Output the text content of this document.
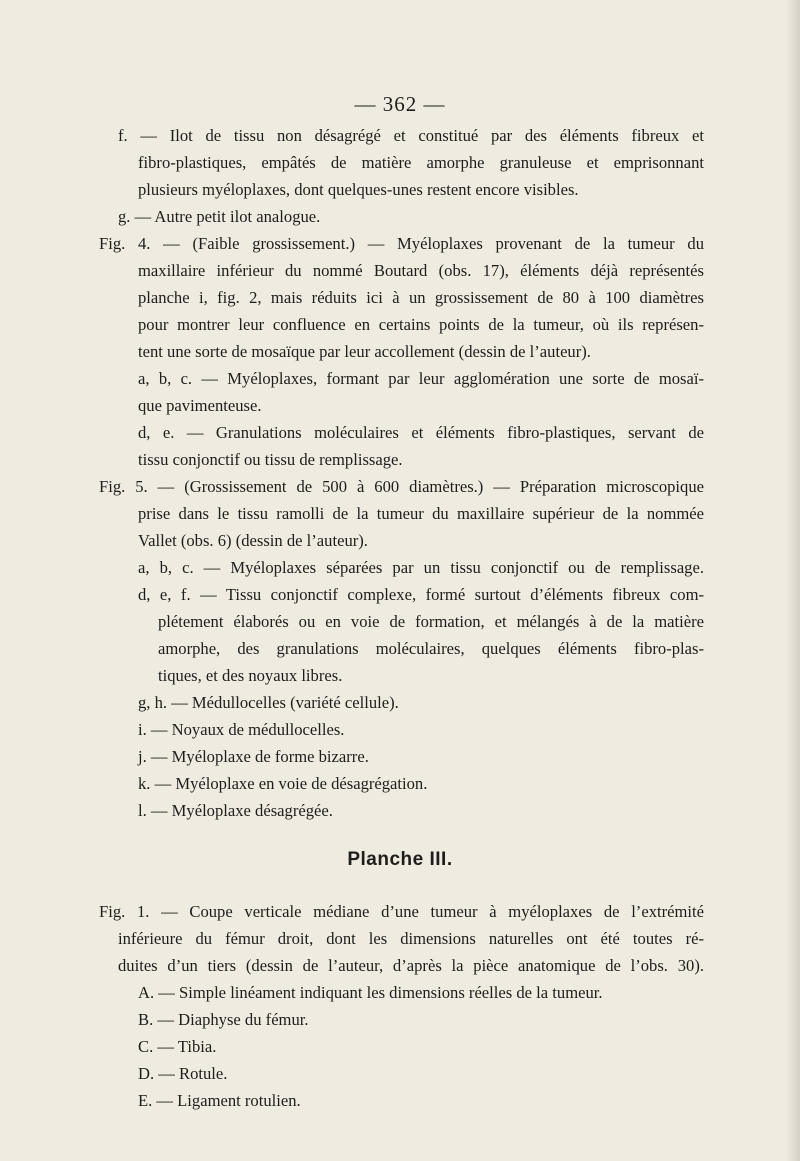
— 362 —
f. — Ilot de tissu non désagrégé et constitué par des éléments fibreux et
fibro-plastiques, empâtés de matière amorphe granuleuse et emprisonnant
plusieurs myéloplaxes, dont quelques-unes restent encore visibles.
g. — Autre petit ilot analogue.
Fig. 4. — (Faible grossissement.) — Myéloplaxes provenant de la tumeur du
maxillaire inférieur du nommé Boutard (obs. 17), éléments déjà représentés
planche i, fig. 2, mais réduits ici à un grossissement de 80 à 100 diamètres
pour montrer leur confluence en certains points de la tumeur, où ils représen-
tent une sorte de mosaïque par leur accollement (dessin de l’auteur).
a, b, c. — Myéloplaxes, formant par leur agglomération une sorte de mosaï-
que pavimenteuse.
d, e. — Granulations moléculaires et éléments fibro-plastiques, servant de
tissu conjonctif ou tissu de remplissage.
Fig. 5. — (Grossissement de 500 à 600 diamètres.) — Préparation microscopique
prise dans le tissu ramolli de la tumeur du maxillaire supérieur de la nommée
Vallet (obs. 6) (dessin de l’auteur).
a, b, c. — Myéloplaxes séparées par un tissu conjonctif ou de remplissage.
d, e, f. — Tissu conjonctif complexe, formé surtout d’éléments fibreux com-
plétement élaborés ou en voie de formation, et mélangés à de la matière
amorphe, des granulations moléculaires, quelques éléments fibro-plas-
tiques, et des noyaux libres.
g, h. — Médullocelles (variété cellule).
i. — Noyaux de médullocelles.
j. — Myéloplaxe de forme bizarre.
k. — Myéloplaxe en voie de désagrégation.
l. — Myéloplaxe désagrégée.
Planche III.
Fig. 1. — Coupe verticale médiane d’une tumeur à myéloplaxes de l’extrémité
inférieure du fémur droit, dont les dimensions naturelles ont été toutes ré-
duites d’un tiers (dessin de l’auteur, d’après la pièce anatomique de l’obs. 30).
A. — Simple linéament indiquant les dimensions réelles de la tumeur.
B. — Diaphyse du fémur.
C. — Tibia.
D. — Rotule.
E. — Ligament rotulien.
